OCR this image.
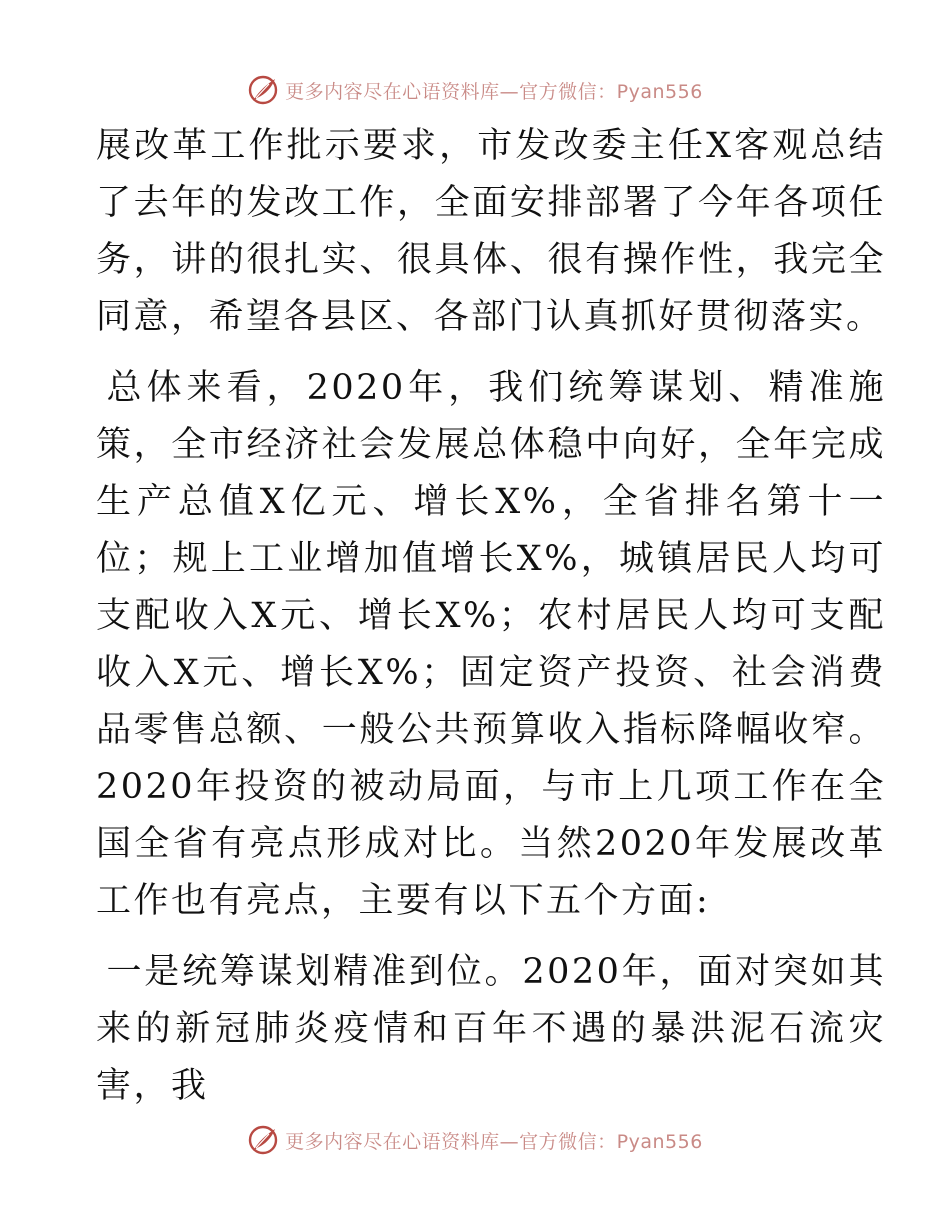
更多内容尽在心语资料库—官方微信：Pyan556

展改革工作批示要求，市发改委主任X客观总结了去年的发改工作，全面安排部署了今年各项任务，讲的很扎实、很具体、很有操作性，我完全同意，希望各县区、各部门认真抓好贯彻落实。

总体来看，2020年，我们统筹谋划、精准施策，全市经济社会发展总体稳中向好，全年完成生产总值X亿元、增长X%，全省排名第十一位；规上工业增加值增长X%，城镇居民人均可支配收入X元、增长X%；农村居民人均可支配收入X元、增长X%；固定资产投资、社会消费品零售总额、一般公共预算收入指标降幅收窄。2020年投资的被动局面，与市上几项工作在全国全省有亮点形成对比。当然2020年发展改革工作也有亮点，主要有以下五个方面:

一是统筹谋划精准到位。2020年，面对突如其来的新冠肺炎疫情和百年不遇的暴洪泥石流灾害，我

更多内容尽在心语资料库—官方微信：Pyan556
